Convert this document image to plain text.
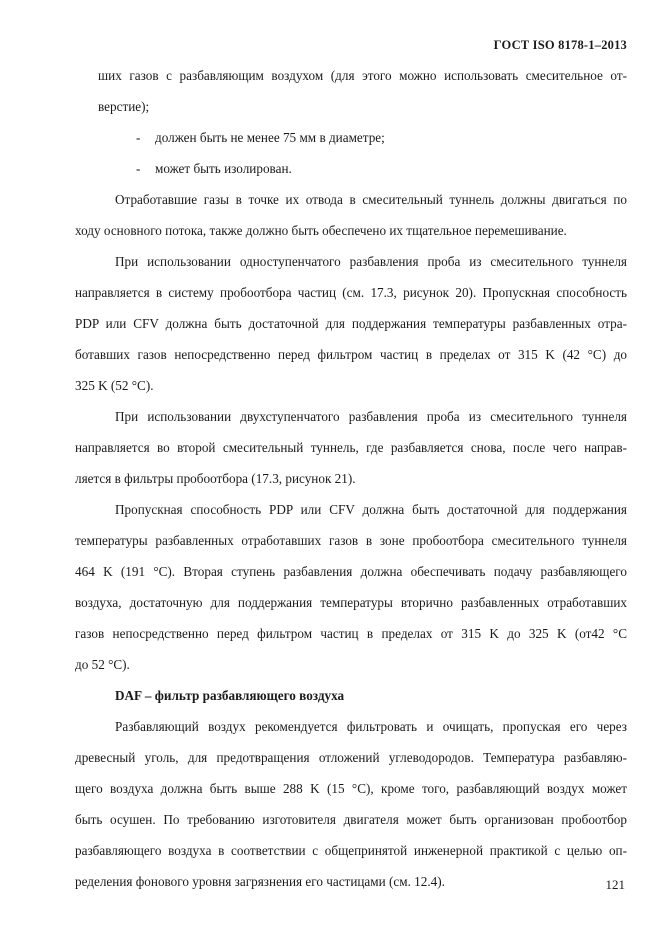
ГОСТ ISO 8178-1–2013
ших газов с разбавляющим воздухом (для этого можно использовать смесительное от-
верстие);
- должен быть не менее 75 мм в диаметре;
- может быть изолирован.
Отработавшие газы в точке их отвода в смесительный туннель должны двигаться по
ходу основного потока, также должно быть обеспечено их тщательное перемешивание.
При использовании одноступенчатого разбавления проба из смесительного туннеля
направляется в систему пробоотбора частиц (см. 17.3, рисунок 20). Пропускная способность
PDP или CFV должна быть достаточной для поддержания температуры разбавленных отра-
ботавших газов непосредственно перед фильтром частиц в пределах от 315 K (42 °C) до
325 K (52 °C).
При использовании двухступенчатого разбавления проба из смесительного туннеля
направляется во второй смесительный туннель, где разбавляется снова, после чего направ-
ляется в фильтры пробоотбора (17.3, рисунок 21).
Пропускная способность PDP или CFV должна быть достаточной для поддержания
температуры разбавленных отработавших газов в зоне пробоотбора смесительного туннеля
464 K (191 °C). Вторая ступень разбавления должна обеспечивать подачу разбавляющего
воздуха, достаточную для поддержания температуры вторично разбавленных отработавших
газов непосредственно перед фильтром частиц в пределах от 315 K до 325 K (от42 °C
до 52 °C).
DAF – фильтр разбавляющего воздуха
Разбавляющий воздух рекомендуется фильтровать и очищать, пропуская его через
древесный уголь, для предотвращения отложений углеводородов. Температура разбавляю-
щего воздуха должна быть выше 288 K (15 °C), кроме того, разбавляющий воздух может
быть осушен. По требованию изготовителя двигателя может быть организован пробоотбор
разбавляющего воздуха в соответствии с общепринятой инженерной практикой с целью оп-
ределения фонового уровня загрязнения его частицами (см. 12.4).	121
